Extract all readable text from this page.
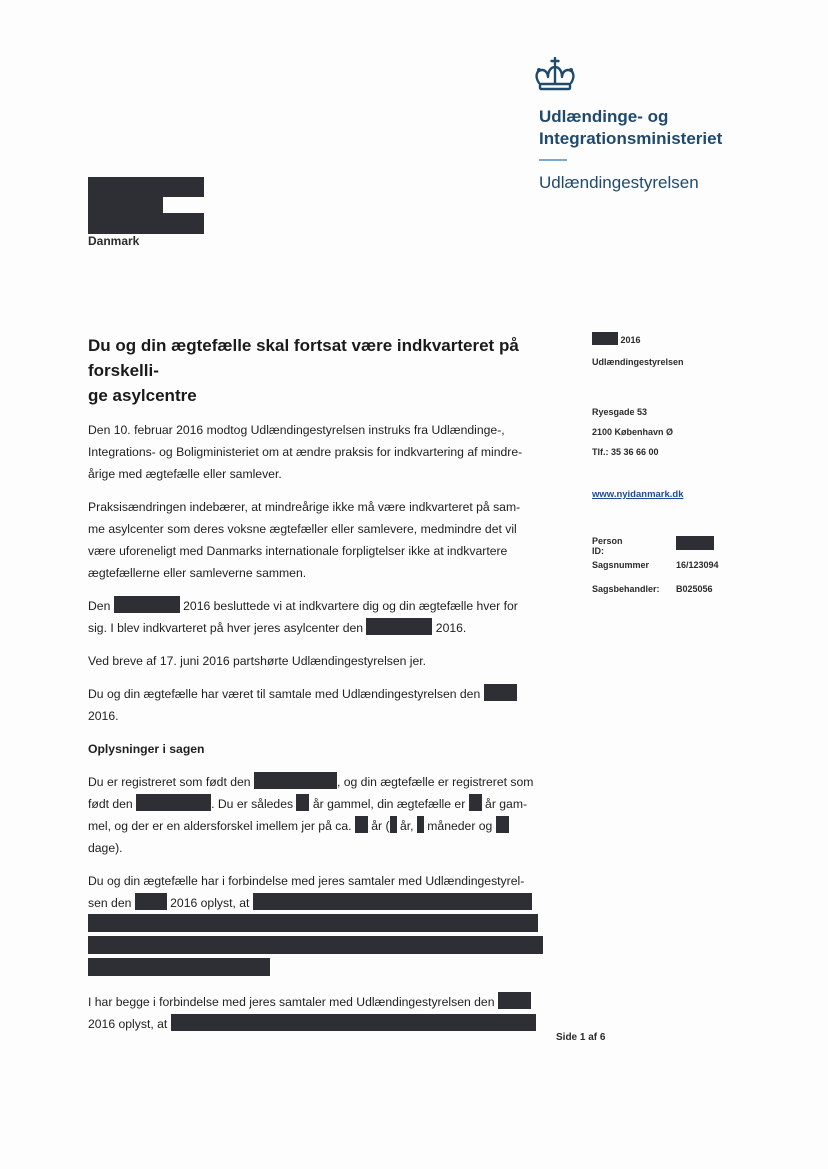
Udlændinge- og
Integrationsministeriet
Udlændingestyrelsen
Danmark
Du og din ægtefælle skal fortsat være indkvarteret på forskelli-
ge asylcentre
2016
Udlændingestyrelsen
Ryesgade 53
2100 København Ø
Tlf.: 35 36 66 00
www.nyidanmark.dk
Person ID:
Sagsnummer	16/123094
Sagsbehandler: B025056

Den 10. februar 2016 modtog Udlændingestyrelsen instruks fra Udlændinge-,
Integrations- og Boligministeriet om at ændre praksis for indkvartering af mindre-
årige med ægtefælle eller samlever.

Praksisændringen indebærer, at mindreårige ikke må være indkvarteret på sam-
me asylcenter som deres voksne ægtefæller eller samlevere, medmindre det vil
være uforeneligt med Danmarks internationale forpligtelser ikke at indkvartere
ægtefællerne eller samleverne sammen.

Den	2016 besluttede vi at indkvartere dig og din ægtefælle hver for
sig. I blev indkvarteret på hver jeres asylcenter den	2016.

Ved breve af 17. juni 2016 partshørte Udlændingestyrelsen jer.

Du og din ægtefælle har været til samtale med Udlændingestyrelsen den
2016.

Oplysninger i sagen

Du er registreret som født den	, og din ægtefælle er registreret som
født den	. Du er således  år gammel, din ægtefælle er  år gam-
mel, og der er en aldersforskel imellem jer på ca.  år ( år,  måneder og
dage).

Du og din ægtefælle har i forbindelse med jeres samtaler med Udlændingestyrel-
sen den	2016 oplyst, at

I har begge i forbindelse med jeres samtaler med Udlændingestyrelsen den
2016 oplyst, at

Side 1 af 6
